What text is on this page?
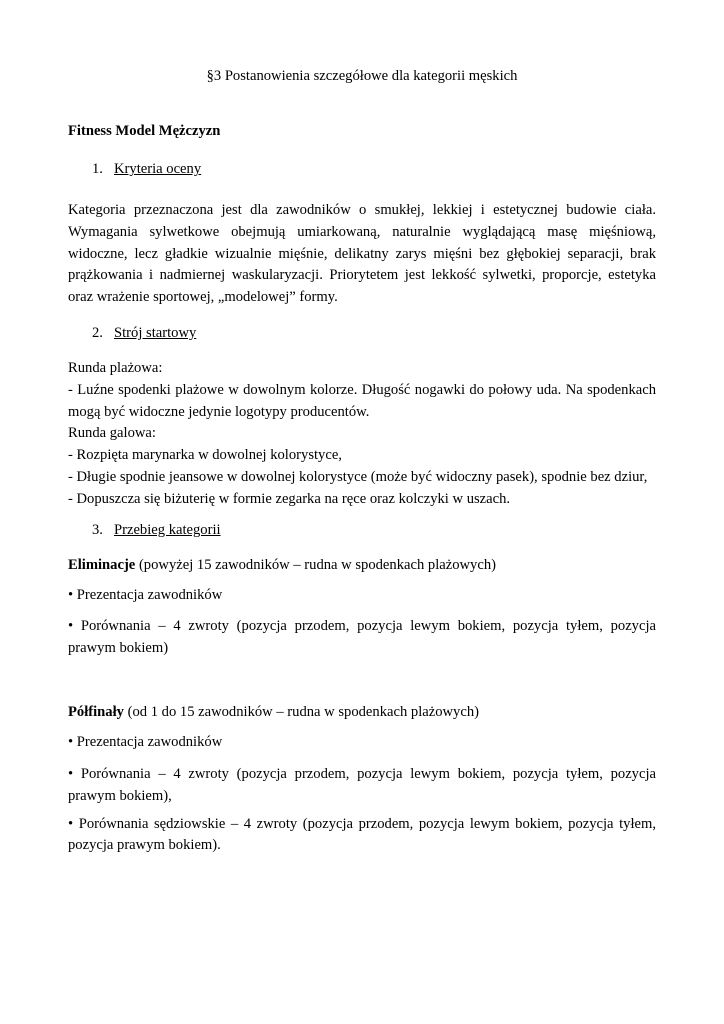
§3 Postanowienia szczegółowe dla kategorii męskich

Fitness Model Mężczyzn

1. Kryteria oceny

Kategoria przeznaczona jest dla zawodników o smukłej, lekkiej i estetycznej budowie ciała. Wymagania sylwetkowe obejmują umiarkowaną, naturalnie wyglądającą masę mięśniową, widoczne, lecz gładkie wizualnie mięśnie, delikatny zarys mięśni bez głębokiej separacji, brak prążkowania i nadmiernej waskularyzacji. Priorytetem jest lekkość sylwetki, proporcje, estetyka oraz wrażenie sportowej, „modelowej” formy.

2. Strój startowy

Runda plażowa:

- Luźne spodenki plażowe w dowolnym kolorze. Długość nogawki do połowy uda. Na spodenkach mogą być widoczne jedynie logotypy producentów.

Runda galowa:

- Rozpięta marynarka w dowolnej kolorystyce,

- Długie spodnie jeansowe w dowolnej kolorystyce (może być widoczny pasek), spodnie bez dziur,

- Dopuszcza się biżuterię w formie zegarka na ręce oraz kolczyki w uszach.

3. Przebieg kategorii

Eliminacje (powyżej 15 zawodników – rudna w spodenkach plażowych)

• Prezentacja zawodników

• Porównania – 4 zwroty (pozycja przodem, pozycja lewym bokiem, pozycja tyłem, pozycja prawym bokiem)

Półfinały (od 1 do 15 zawodników – rudna w spodenkach plażowych)

• Prezentacja zawodników

• Porównania – 4 zwroty (pozycja przodem, pozycja lewym bokiem, pozycja tyłem, pozycja prawym bokiem),

• Porównania sędziowskie – 4 zwroty (pozycja przodem, pozycja lewym bokiem, pozycja tyłem, pozycja prawym bokiem).
